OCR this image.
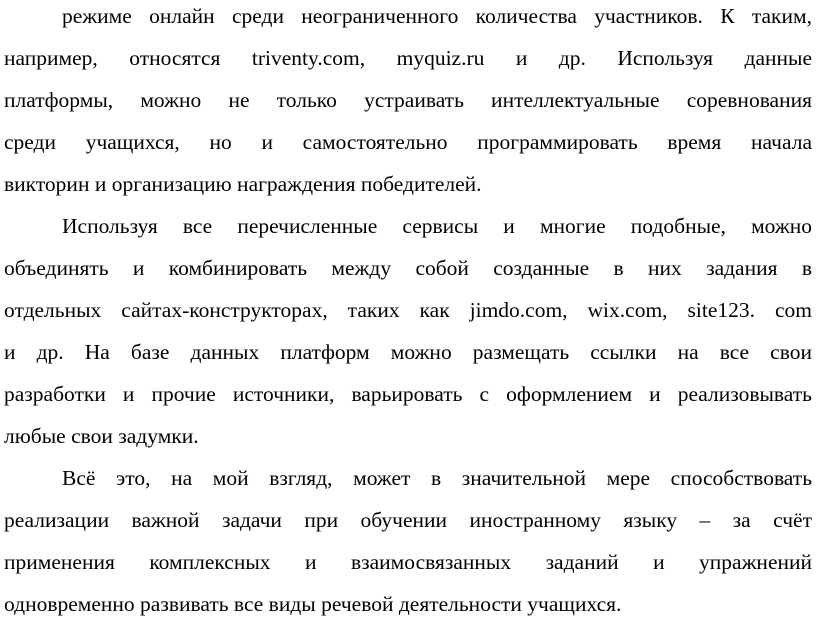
режиме онлайн среди неограниченного количества участников. К таким,
например, относятся triventy.com, myquiz.ru и др. Используя данные
платформы, можно не только устраивать интеллектуальные соревнования
среди учащихся, но и самостоятельно программировать время начала
викторин и организацию награждения победителей.
Используя все перечисленные сервисы и многие подобные, можно
объединять и комбинировать между собой созданные в них задания в
отдельных сайтах-конструкторах, таких как jimdo.com, wix.com, site123. com
и др. На базе данных платформ можно размещать ссылки на все свои
разработки и прочие источники, варьировать с оформлением и реализовывать
любые свои задумки.
Всё это, на мой взгляд, может в значительной мере способствовать
реализации важной задачи при обучении иностранному языку – за счёт
применения комплексных и взаимосвязанных заданий и упражнений
одновременно развивать все виды речевой деятельности учащихся.
